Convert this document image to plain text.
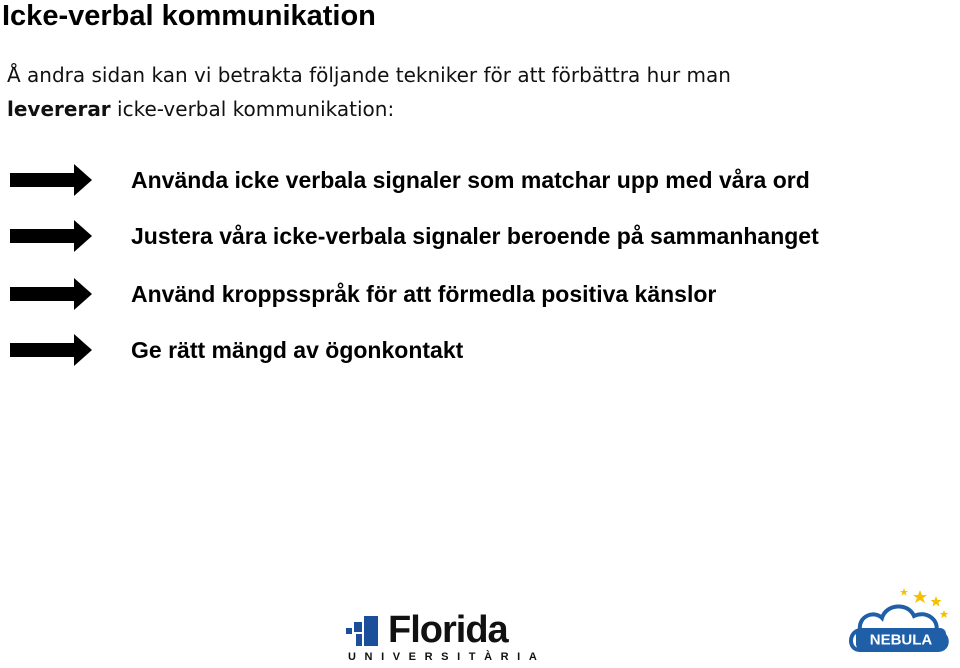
Icke-verbal kommunikation
Å andra sidan kan vi betrakta följande tekniker för att förbättra hur man
levererar icke-verbal kommunikation:
Använda icke verbala signaler som matchar upp med våra ord
Justera våra icke-verbala signaler beroende på sammanhanget
Använd kroppsspråk för att förmedla positiva känslor
Ge rätt mängd av ögonkontakt
Florida
UNIVERSITÀRIA
NEBULA
